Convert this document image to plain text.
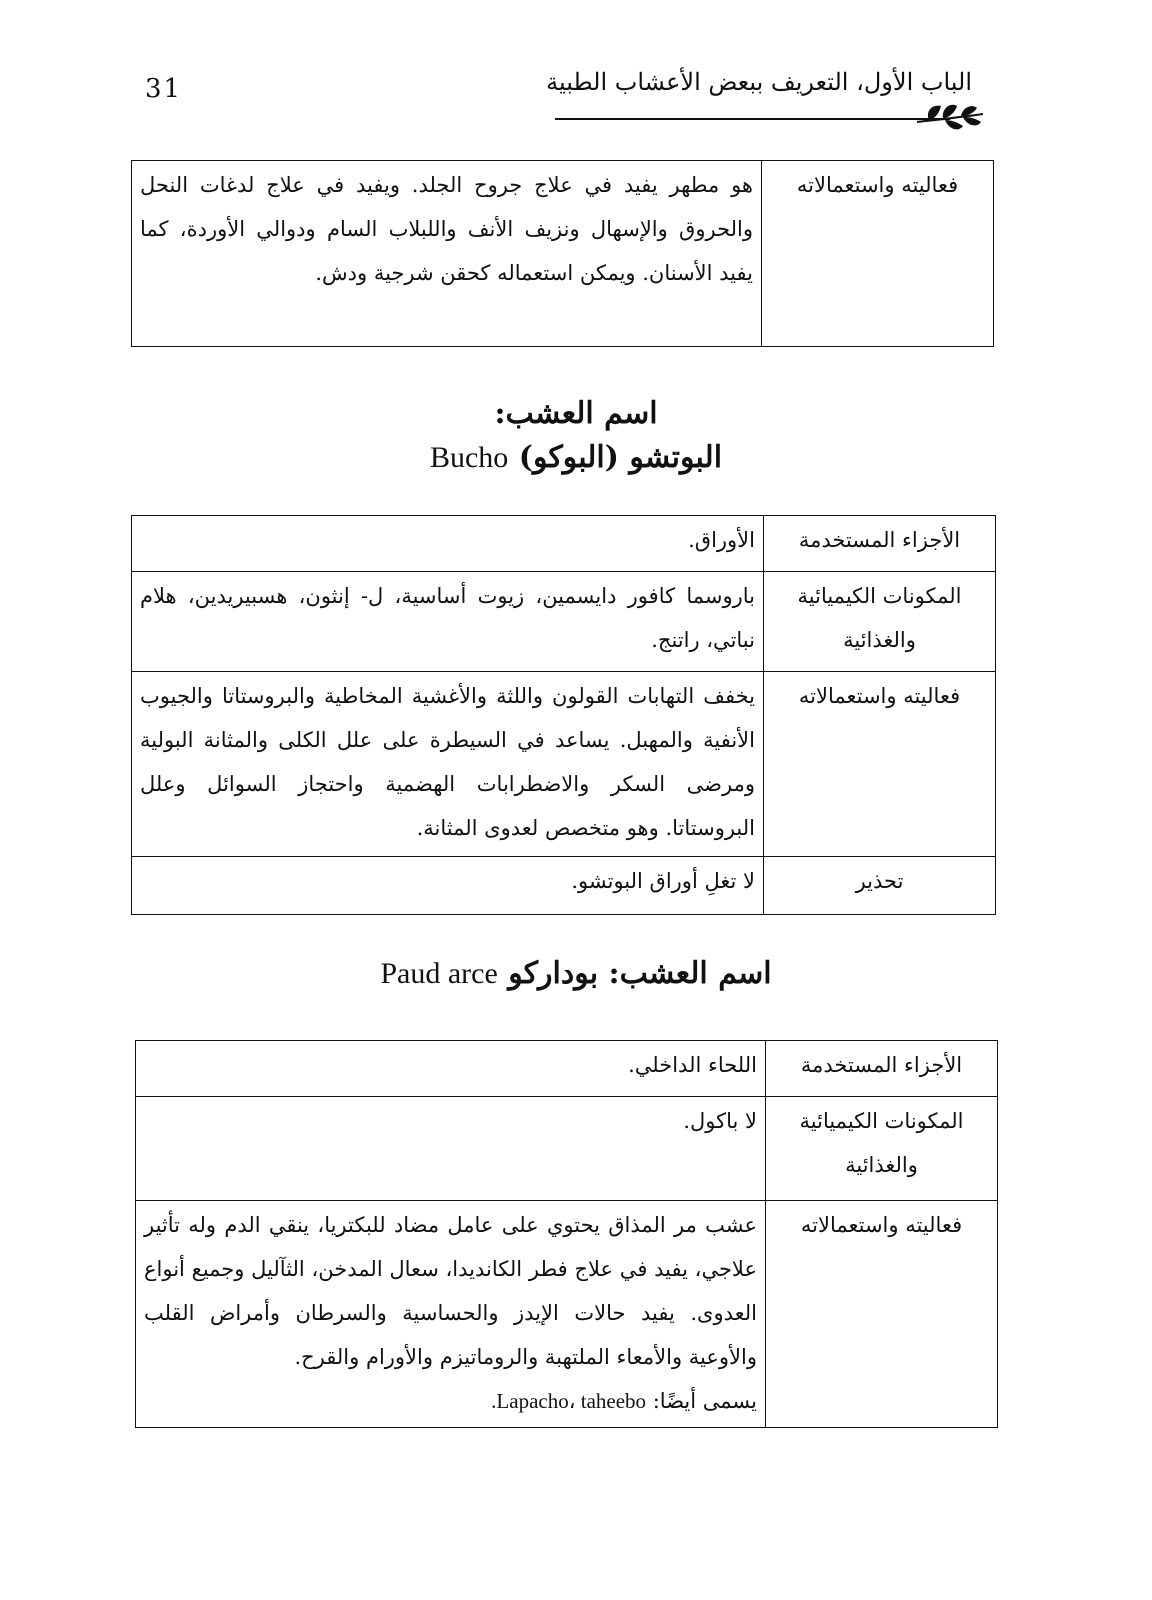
31	الباب الأول، التعريف ببعض الأعشاب الطبية
فعاليته واستعمالاته	هو مطهر يفيد في علاج جروح الجلد. ويفيد في علاج لدغات النحل والحروق والإسهال ونزيف الأنف واللبلاب السام ودوالي الأوردة، كما يفيد الأسنان. ويمكن استعماله كحقن شرجية ودش.
اسم العشب:
البوتشو (البوكو) Bucho
الأجزاء المستخدمة	الأوراق.
المكونات الكيميائية والغذائية	باروسما كافور دايسمين، زيوت أساسية، ل- إنثون، هسبيريدين، هلام نباتي، راتنج.
فعاليته واستعمالاته	يخفف التهابات القولون واللثة والأغشية المخاطية والبروستاتا والجيوب الأنفية والمهبل. يساعد في السيطرة على علل الكلى والمثانة البولية ومرضى السكر والاضطرابات الهضمية واحتجاز السوائل وعلل البروستاتا. وهو متخصص لعدوى المثانة.
تحذير	لا تغلِ أوراق البوتشو.
اسم العشب: بوداركو Paud arce
الأجزاء المستخدمة	اللحاء الداخلي.
المكونات الكيميائية والغذائية	لا باكول.
فعاليته واستعمالاته	عشب مر المذاق يحتوي على عامل مضاد للبكتريا، ينقي الدم وله تأثير علاجي، يفيد في علاج فطر الكانديدا، سعال المدخن، الثآليل وجميع أنواع العدوى. يفيد حالات الإيدز والحساسية والسرطان وأمراض القلب والأوعية والأمعاء الملتهبة والروماتيزم والأورام والقرح.
يسمى أيضًا: Lapacho، taheebo.
